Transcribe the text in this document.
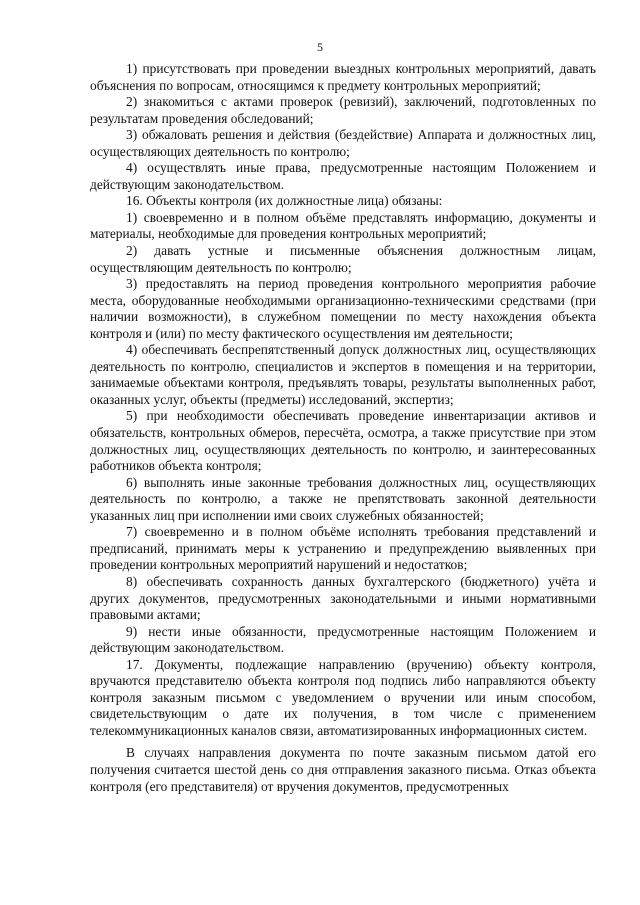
5

1) присутствовать при проведении выездных контрольных мероприятий, давать объяснения по вопросам, относящимся к предмету контрольных мероприятий;

2) знакомиться с актами проверок (ревизий), заключений, подготовленных по результатам проведения обследований;

3) обжаловать решения и действия (бездействие) Аппарата и должностных лиц, осуществляющих деятельность по контролю;

4) осуществлять иные права, предусмотренные настоящим Положением и действующим законодательством.

16. Объекты контроля (их должностные лица) обязаны:

1) своевременно и в полном объёме представлять информацию, документы и материалы, необходимые для проведения контрольных мероприятий;

2) давать устные и письменные объяснения должностным лицам, осуществляющим деятельность по контролю;

3) предоставлять на период проведения контрольного мероприятия рабочие места, оборудованные необходимыми организационно-техническими средствами (при наличии возможности), в служебном помещении по месту нахождения объекта контроля и (или) по месту фактического осуществления им деятельности;

4) обеспечивать беспрепятственный допуск должностных лиц, осуществляющих деятельность по контролю, специалистов и экспертов в помещения и на территории, занимаемые объектами контроля, предъявлять товары, результаты выполненных работ, оказанных услуг, объекты (предметы) исследований, экспертиз;

5) при необходимости обеспечивать проведение инвентаризации активов и обязательств, контрольных обмеров, пересчёта, осмотра, а также присутствие при этом должностных лиц, осуществляющих деятельность по контролю, и заинтересованных работников объекта контроля;

6) выполнять иные законные требования должностных лиц, осуществляющих деятельность по контролю, а также не препятствовать законной деятельности указанных лиц при исполнении ими своих служебных обязанностей;

7) своевременно и в полном объёме исполнять требования представлений и предписаний, принимать меры к устранению и предупреждению выявленных при проведении контрольных мероприятий нарушений и недостатков;

8) обеспечивать сохранность данных бухгалтерского (бюджетного) учёта и других документов, предусмотренных законодательными и иными нормативными правовыми актами;

9) нести иные обязанности, предусмотренные настоящим Положением и действующим законодательством.

17. Документы, подлежащие направлению (вручению) объекту контроля, вручаются представителю объекта контроля под подпись либо направляются объекту контроля заказным письмом с уведомлением о вручении или иным способом, свидетельствующим о дате их получения, в том числе с применением телекоммуникационных каналов связи, автоматизированных информационных систем.

В случаях направления документа по почте заказным письмом датой его получения считается шестой день со дня отправления заказного письма. Отказ объекта контроля (его представителя) от вручения документов, предусмотренных
